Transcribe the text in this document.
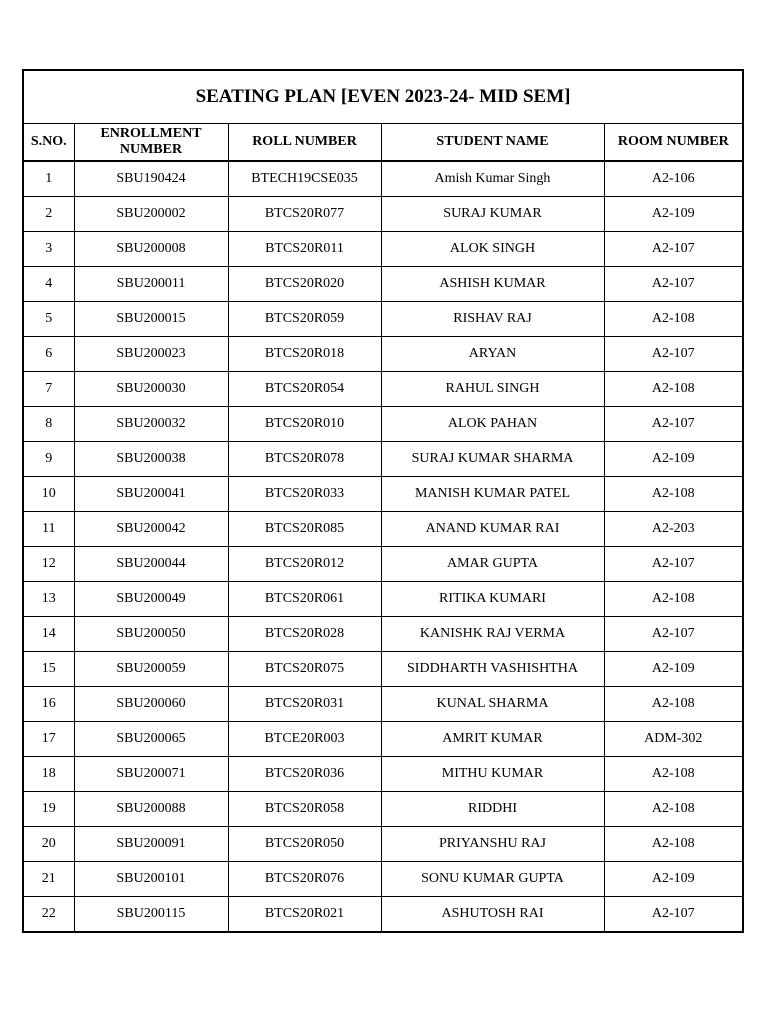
SEATING PLAN [EVEN 2023-24- MID SEM]				
S.NO.	ENROLLMENT NUMBER	ROLL NUMBER	STUDENT NAME	ROOM NUMBER
1	SBU190424	BTECH19CSE035	Amish Kumar Singh	A2-106
2	SBU200002	BTCS20R077	SURAJ KUMAR	A2-109
3	SBU200008	BTCS20R011	ALOK SINGH	A2-107
4	SBU200011	BTCS20R020	ASHISH KUMAR	A2-107
5	SBU200015	BTCS20R059	RISHAV RAJ	A2-108
6	SBU200023	BTCS20R018	ARYAN	A2-107
7	SBU200030	BTCS20R054	RAHUL SINGH	A2-108
8	SBU200032	BTCS20R010	ALOK PAHAN	A2-107
9	SBU200038	BTCS20R078	SURAJ KUMAR SHARMA	A2-109
10	SBU200041	BTCS20R033	MANISH KUMAR PATEL	A2-108
11	SBU200042	BTCS20R085	ANAND KUMAR RAI	A2-203
12	SBU200044	BTCS20R012	AMAR GUPTA	A2-107
13	SBU200049	BTCS20R061	RITIKA KUMARI	A2-108
14	SBU200050	BTCS20R028	KANISHK RAJ VERMA	A2-107
15	SBU200059	BTCS20R075	SIDDHARTH VASHISHTHA	A2-109
16	SBU200060	BTCS20R031	KUNAL SHARMA	A2-108
17	SBU200065	BTCE20R003	AMRIT KUMAR	ADM-302
18	SBU200071	BTCS20R036	MITHU KUMAR	A2-108
19	SBU200088	BTCS20R058	RIDDHI	A2-108
20	SBU200091	BTCS20R050	PRIYANSHU RAJ	A2-108
21	SBU200101	BTCS20R076	SONU KUMAR GUPTA	A2-109
22	SBU200115	BTCS20R021	ASHUTOSH RAI	A2-107
